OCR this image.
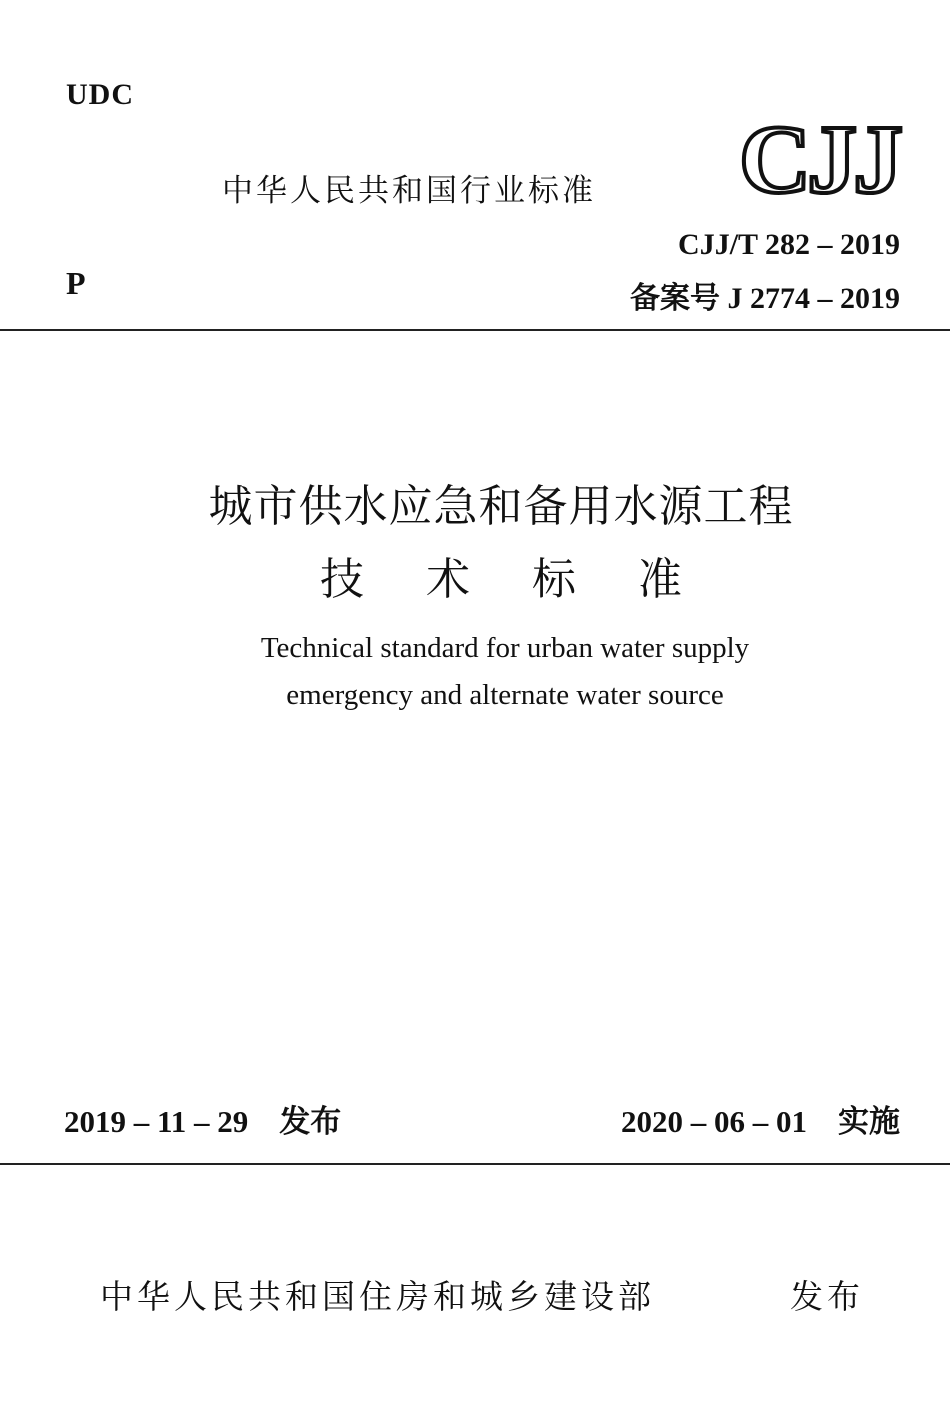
UDC
中华人民共和国行业标准 CJJ
CJJ/T 282 – 2019
备案号 J 2774 – 2019
P
城市供水应急和备用水源工程
技术标准
Technical standard for urban water supply
emergency and alternate water source
2019 – 11 – 29　发布	2020 – 06 – 01　实施
中华人民共和国住房和城乡建设部	发布
